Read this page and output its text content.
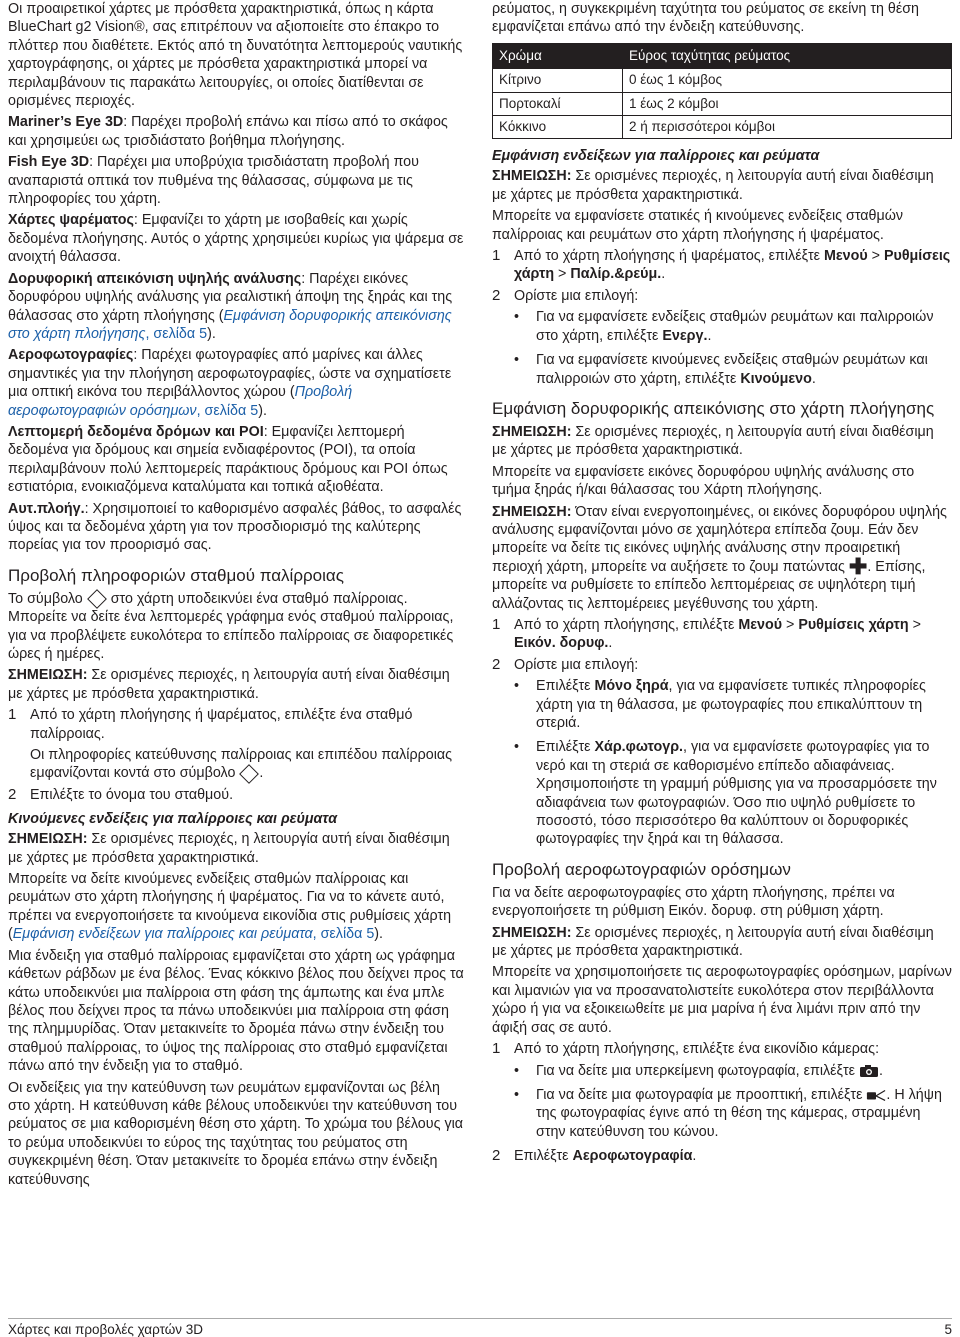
Οι προαιρετικοί χάρτες με πρόσθετα χαρακτηριστικά, όπως η κάρτα BlueChart g2 Vision®, σας επιτρέπουν να αξιοποιείτε στο έπακρο το πλόττερ που διαθέτετε. Εκτός από τη δυνατότητα λεπτομερούς ναυτικής χαρτογράφησης, οι χάρτες με πρόσθετα χαρακτηριστικά μπορεί να περιλαμβάνουν τις παρακάτω λειτουργίες, οι οποίες διατίθενται σε ορισμένες περιοχές.

Mariner’s Eye 3D: Παρέχει προβολή επάνω και πίσω από το σκάφος και χρησιμεύει ως τρισδιάστατο βοήθημα πλοήγησης.

Fish Eye 3D: Παρέχει μια υποβρύχια τρισδιάστατη προβολή που αναπαριστά οπτικά τον πυθμένα της θάλασσας, σύμφωνα με τις πληροφορίες του χάρτη.

Χάρτες ψαρέματος: Εμφανίζει το χάρτη με ισοβαθείς και χωρίς δεδομένα πλοήγησης. Αυτός ο χάρτης χρησιμεύει κυρίως για ψάρεμα σε ανοιχτή θάλασσα.

Δορυφορική απεικόνιση υψηλής ανάλυσης: Παρέχει εικόνες δορυφόρου υψηλής ανάλυσης για ρεαλιστική άποψη της ξηράς και της θάλασσας στο χάρτη πλοήγησης (Εμφάνιση δορυφορικής απεικόνισης στο χάρτη πλοήγησης, σελίδα 5).

Αεροφωτογραφίες: Παρέχει φωτογραφίες από μαρίνες και άλλες σημαντικές για την πλοήγηση αεροφωτογραφίες, ώστε να σχηματίσετε μια οπτική εικόνα του περιβάλλοντος χώρου (Προβολή αεροφωτογραφιών ορόσημων, σελίδα 5).

Λεπτομερή δεδομένα δρόμων και POI: Εμφανίζει λεπτομερή δεδομένα για δρόμους και σημεία ενδιαφέροντος (POI), τα οποία περιλαμβάνουν πολύ λεπτομερείς παράκτιους δρόμους και POI όπως εστιατόρια, ενοικιαζόμενα καταλύματα και τοπικά αξιοθέατα.

Αυτ.πλοήγ.: Χρησιμοποιεί το καθορισμένο ασφαλές βάθος, το ασφαλές ύψος και τα δεδομένα χάρτη για τον προσδιορισμό της καλύτερης πορείας για τον προορισμό σας.

Προβολή πληροφοριών σταθμού παλίρροιας

Το σύμβολο  στο χάρτη υποδεικνύει ένα σταθμό παλίρροιας. Μπορείτε να δείτε ένα λεπτομερές γράφημα ενός σταθμού παλίρροιας, για να προβλέψετε ευκολότερα το επίπεδο παλίρροιας σε διαφορετικές ώρες ή ημέρες.

ΣΗΜΕΙΩΣΗ: Σε ορισμένες περιοχές, η λειτουργία αυτή είναι διαθέσιμη με χάρτες με πρόσθετα χαρακτηριστικά.

1 Από το χάρτη πλοήγησης ή ψαρέματος, επιλέξτε ένα σταθμό παλίρροιας.

Οι πληροφορίες κατεύθυνσης παλίρροιας και επιπέδου παλίρροιας εμφανίζονται κοντά στο σύμβολο .

2 Επιλέξτε το όνομα του σταθμού.
Κινούμενες ενδείξεις για παλίρροιες και ρεύματα

ΣΗΜΕΙΩΣΗ: Σε ορισμένες περιοχές, η λειτουργία αυτή είναι διαθέσιμη με χάρτες με πρόσθετα χαρακτηριστικά.

Μπορείτε να δείτε κινούμενες ενδείξεις σταθμών παλίρροιας και ρευμάτων στο χάρτη πλοήγησης ή ψαρέματος. Για να το κάνετε αυτό, πρέπει να ενεργοποιήσετε τα κινούμενα εικονίδια στις ρυθμίσεις χάρτη (Εμφάνιση ενδείξεων για παλίρροιες και ρεύματα, σελίδα 5).

Μια ένδειξη για σταθμό παλίρροιας εμφανίζεται στο χάρτη ως γράφημα κάθετων ράβδων με ένα βέλος. Ένας κόκκινο βέλος που δείχνει προς τα κάτω υποδεικνύει μια παλίρροια στη φάση της άμπωτης και ένα μπλε βέλος που δείχνει προς τα πάνω υποδεικνύει μια παλίρροια στη φάση της πλημμυρίδας. Όταν μετακινείτε το δρομέα πάνω στην ένδειξη του σταθμού παλίρροιας, το ύψος της παλίρροιας στο σταθμό εμφανίζεται πάνω από την ένδειξη για το σταθμό.

Οι ενδείξεις για την κατεύθυνση των ρευμάτων εμφανίζονται ως βέλη στο χάρτη. Η κατεύθυνση κάθε βέλους υποδεικνύει την κατεύθυνση του ρεύματος σε μια καθορισμένη θέση στο χάρτη. Το χρώμα του βέλους για το ρεύμα υποδεικνύει το εύρος της ταχύτητας του ρεύματος στη συγκεκριμένη θέση. Όταν μετακινείτε το δρομέα επάνω στην ένδειξη κατεύθυνσης

ρεύματος, η συγκεκριμένη ταχύτητα του ρεύματος σε εκείνη τη θέση εμφανίζεται επάνω από την ένδειξη κατεύθυνσης.

Χρώμα	Εύρος ταχύτητας ρεύματος
Κίτρινο	0 έως 1 κόμβος
Πορτοκαλί	1 έως 2 κόμβοι
Κόκκινο	2 ή περισσότεροι κόμβοι
Εμφάνιση ενδείξεων για παλίρροιες και ρεύματα

ΣΗΜΕΙΩΣΗ: Σε ορισμένες περιοχές, η λειτουργία αυτή είναι διαθέσιμη με χάρτες με πρόσθετα χαρακτηριστικά.

Μπορείτε να εμφανίσετε στατικές ή κινούμενες ενδείξεις σταθμών παλίρροιας και ρευμάτων στο χάρτη πλοήγησης ή ψαρέματος.

1 Από το χάρτη πλοήγησης ή ψαρέματος, επιλέξτε Μενού > Ρυθμίσεις χάρτη > Παλίρ.&ρεύμ..
2 Ορίστε μια επιλογή:
• Για να εμφανίσετε ενδείξεις σταθμών ρευμάτων και παλιρροιών στο χάρτη, επιλέξτε Ενεργ..
• Για να εμφανίσετε κινούμενες ενδείξεις σταθμών ρευμάτων και παλιρροιών στο χάρτη, επιλέξτε Κινούμενο.
Εμφάνιση δορυφορικής απεικόνισης στο χάρτη πλοήγησης

ΣΗΜΕΙΩΣΗ: Σε ορισμένες περιοχές, η λειτουργία αυτή είναι διαθέσιμη με χάρτες με πρόσθετα χαρακτηριστικά.

Μπορείτε να εμφανίσετε εικόνες δορυφόρου υψηλής ανάλυσης στο τμήμα ξηράς ή/και θάλασσας του Χάρτη πλοήγησης.

ΣΗΜΕΙΩΣΗ: Όταν είναι ενεργοποιημένες, οι εικόνες δορυφόρου υψηλής ανάλυσης εμφανίζονται μόνο σε χαμηλότερα επίπεδα ζουμ. Εάν δεν μπορείτε να δείτε τις εικόνες υψηλής ανάλυσης στην προαιρετική περιοχή χάρτη, μπορείτε να αυξήσετε το ζουμ πατώντας ✚. Επίσης, μπορείτε να ρυθμίσετε το επίπεδο λεπτομέρειας σε υψηλότερη τιμή αλλάζοντας τις λεπτομέρειες μεγέθυνσης του χάρτη.

1 Από το χάρτη πλοήγησης, επιλέξτε Μενού > Ρυθμίσεις χάρτη > Εικόν. δορυφ..
2 Ορίστε μια επιλογή:
• Επιλέξτε Μόνο ξηρά, για να εμφανίσετε τυπικές πληροφορίες χάρτη για τη θάλασσα, με φωτογραφίες που επικαλύπτουν τη στεριά.
• Επιλέξτε Χάρ.φωτογρ., για να εμφανίσετε φωτογραφίες για το νερό και τη στεριά σε καθορισμένο επίπεδο αδιαφάνειας. Χρησιμοποιήστε τη γραμμή ρύθμισης για να προσαρμόσετε την αδιαφάνεια των φωτογραφιών. Όσο πιο υψηλό ρυθμίσετε το ποσοστό, τόσο περισσότερο θα καλύπτουν οι δορυφορικές φωτογραφίες την ξηρά και τη θάλασσα.
Προβολή αεροφωτογραφιών ορόσημων

Για να δείτε αεροφωτογραφίες στο χάρτη πλοήγησης, πρέπει να ενεργοποιήσετε τη ρύθμιση Εικόν. δορυφ. στη ρύθμιση χάρτη.

ΣΗΜΕΙΩΣΗ: Σε ορισμένες περιοχές, η λειτουργία αυτή είναι διαθέσιμη με χάρτες με πρόσθετα χαρακτηριστικά.

Μπορείτε να χρησιμοποιήσετε τις αεροφωτογραφίες ορόσημων, μαρίνων και λιμανιών για να προσανατολιστείτε ευκολότερα στον περιβάλλοντα χώρο ή για να εξοικειωθείτε με μια μαρίνα ή ένα λιμάνι πριν από την άφιξή σας σε αυτό.

1 Από το χάρτη πλοήγησης, επιλέξτε ένα εικονίδιο κάμερας:
• Για να δείτε μια υπερκείμενη φωτογραφία, επιλέξτε .
• Για να δείτε μια φωτογραφία με προοπτική, επιλέξτε . Η λήψη της φωτογραφίας έγινε από τη θέση της κάμερας, στραμμένη στην κατεύθυνση του κώνου.
2 Επιλέξτε Αεροφωτογραφία.
Χάρτες και προβολές χαρτών 3D	5
